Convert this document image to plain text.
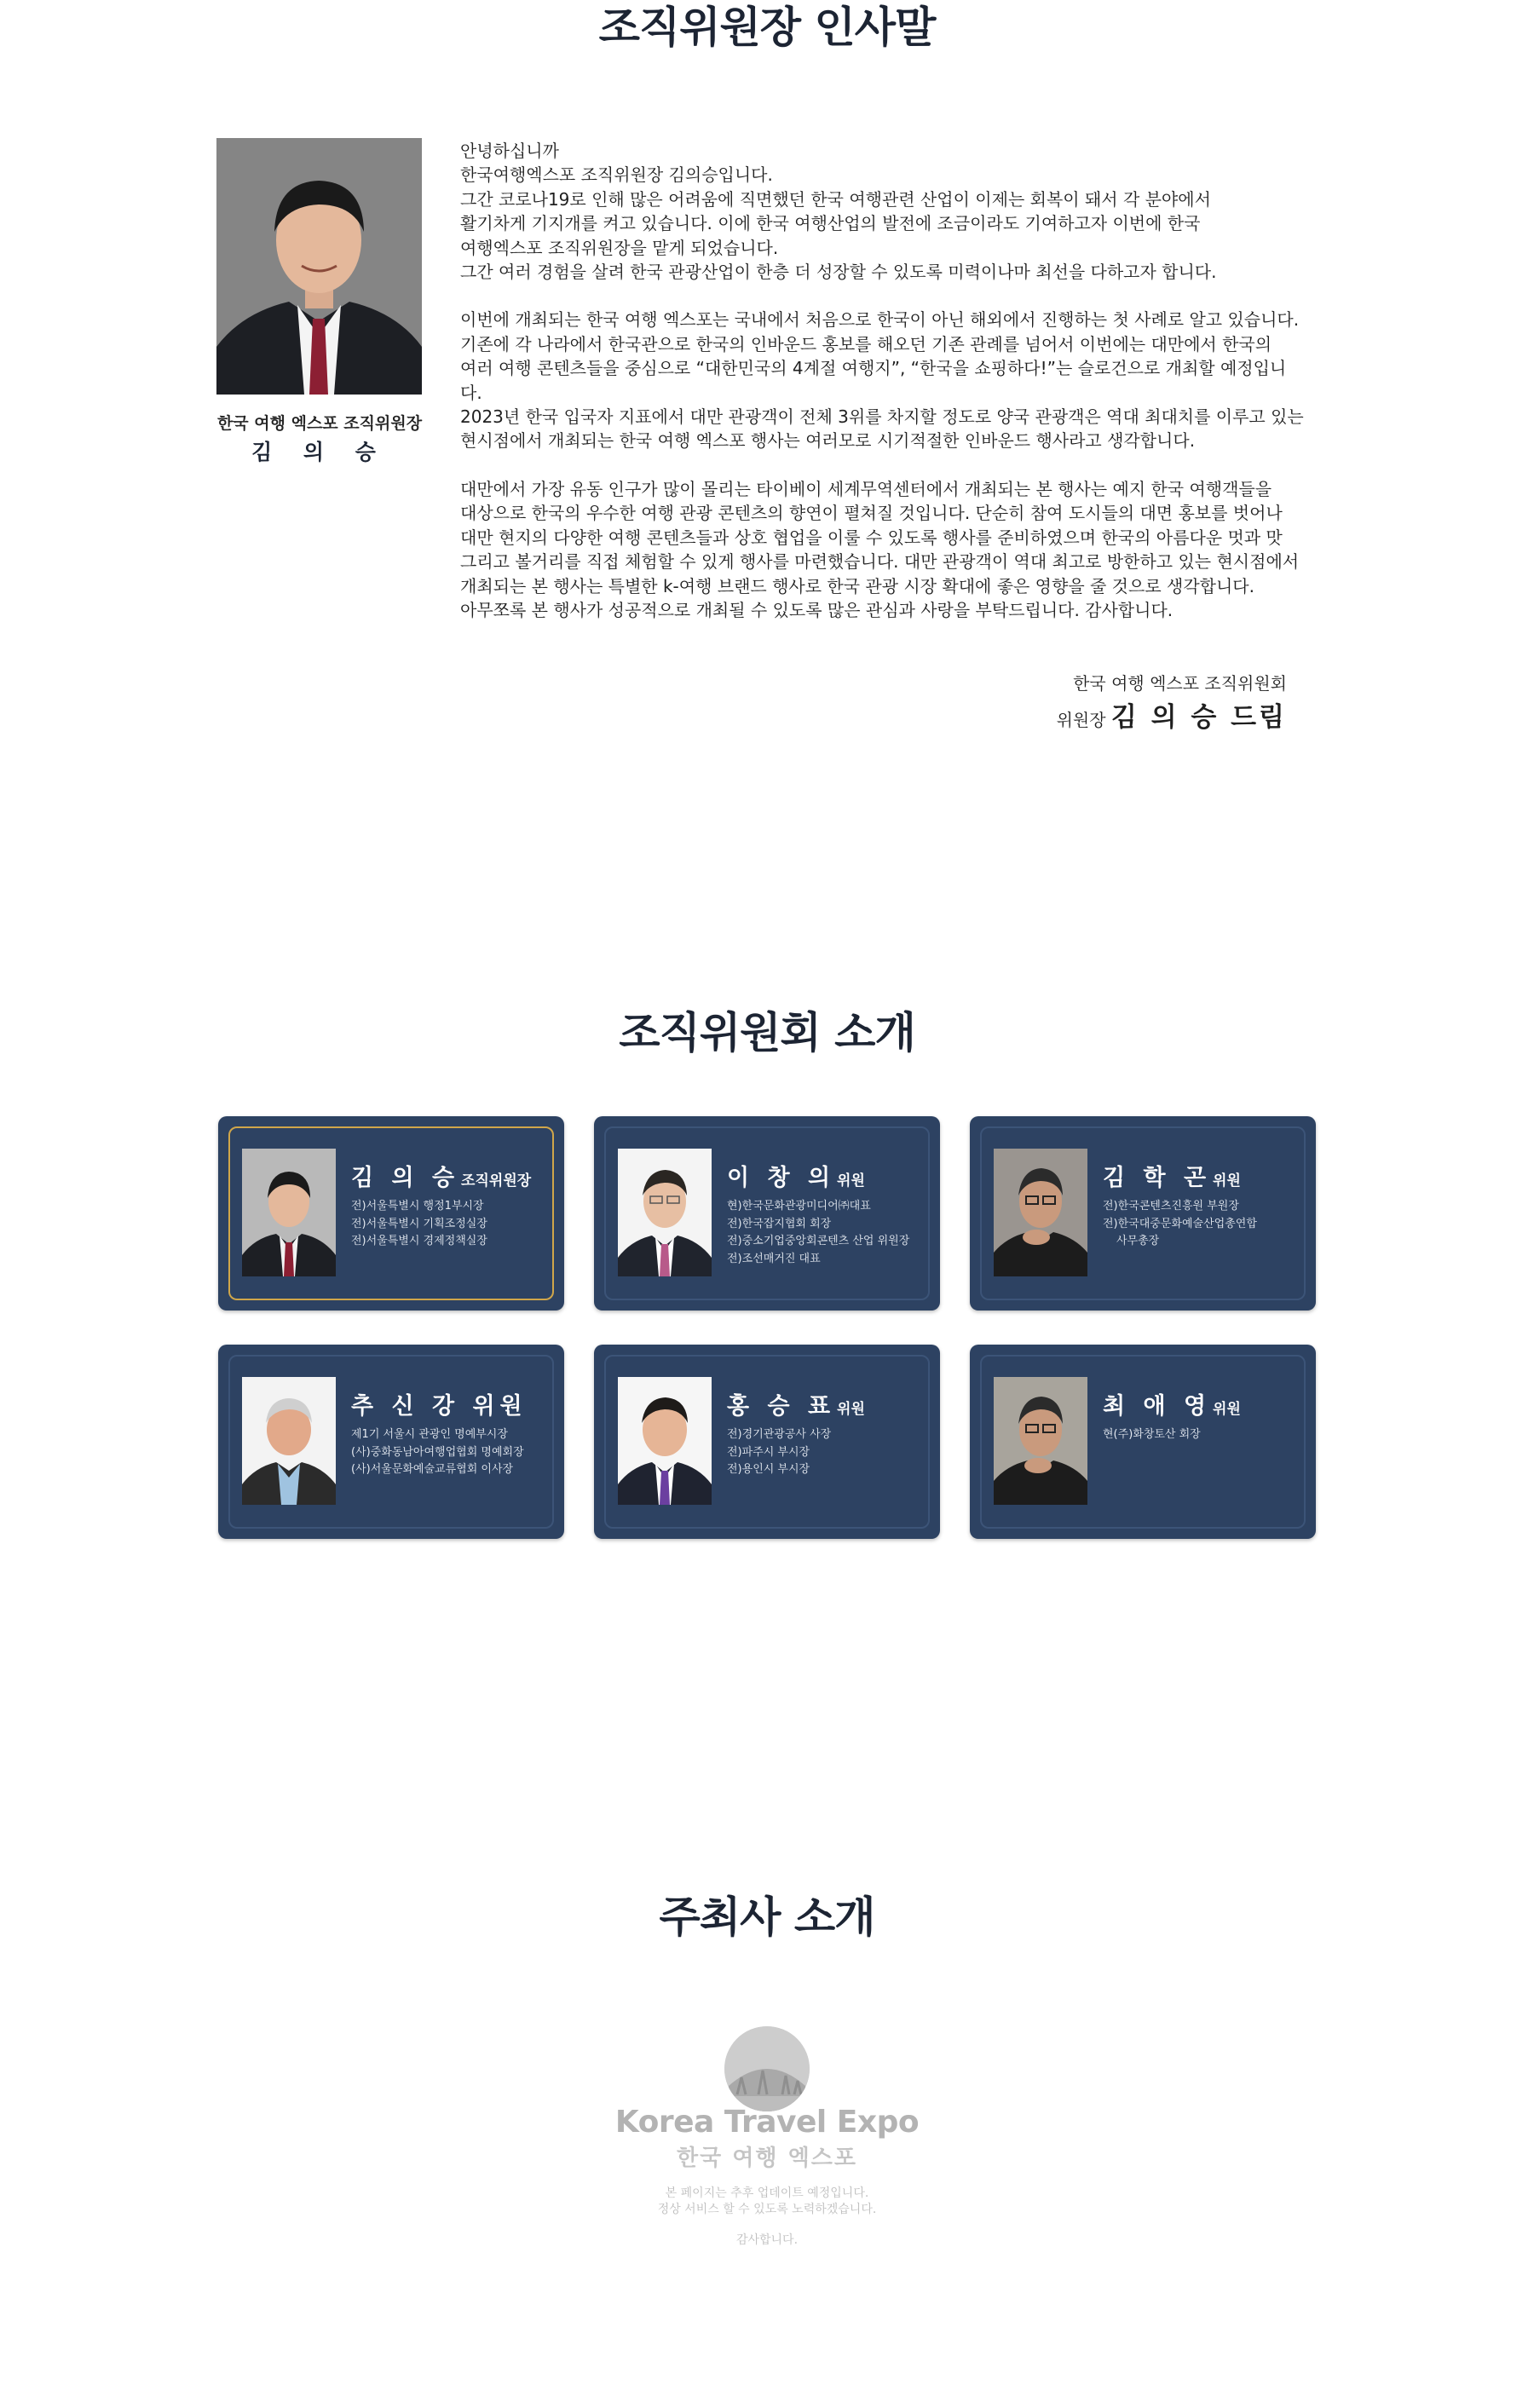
조직위원장 인사말
한국 여행 엑스포 조직위원장
김 의 승

안녕하십니까
한국여행엑스포 조직위원장 김의승입니다.
그간 코로나19로 인해 많은 어려움에 직면했던 한국 여행관련 산업이 이제는 회복이 돼서 각 분야에서
활기차게 기지개를 켜고 있습니다. 이에 한국 여행산업의 발전에 조금이라도 기여하고자 이번에 한국
여행엑스포 조직위원장을 맡게 되었습니다.
그간 여러 경험을 살려 한국 관광산업이 한층 더 성장할 수 있도록 미력이나마 최선을 다하고자 합니다.

이번에 개최되는 한국 여행 엑스포는 국내에서 처음으로 한국이 아닌 해외에서 진행하는 첫 사례로 알고 있습니다.
기존에 각 나라에서 한국관으로 한국의 인바운드 홍보를 해오던 기존 관례를 넘어서 이번에는 대만에서 한국의
여러 여행 콘텐츠들을 중심으로 “대한민국의 4계절 여행지”, “한국을 쇼핑하다!”는 슬로건으로 개최할 예정입니다.
2023년 한국 입국자 지표에서 대만 관광객이 전체 3위를 차지할 정도로 양국 관광객은 역대 최대치를 이루고 있는
현시점에서 개최되는 한국 여행 엑스포 행사는 여러모로 시기적절한 인바운드 행사라고 생각합니다.

대만에서 가장 유동 인구가 많이 몰리는 타이베이 세계무역센터에서 개최되는 본 행사는 예지 한국 여행객들을
대상으로 한국의 우수한 여행 관광 콘텐츠의 향연이 펼쳐질 것입니다. 단순히 참여 도시들의 대면 홍보를 벗어나
대만 현지의 다양한 여행 콘텐츠들과 상호 협업을 이룰 수 있도록 행사를 준비하였으며 한국의 아름다운 멋과 맛
그리고 볼거리를 직접 체험할 수 있게 행사를 마련했습니다. 대만 관광객이 역대 최고로 방한하고 있는 현시점에서
개최되는 본 행사는 특별한 k-여행 브랜드 행사로 한국 관광 시장 확대에 좋은 영향을 줄 것으로 생각합니다.
아무쪼록 본 행사가 성공적으로 개최될 수 있도록 많은 관심과 사랑을 부탁드립니다. 감사합니다.

한국 여행 엑스포 조직위원회
위원장 김 의 승 드림
조직위원회 소개
김 의 승 조직위원장
전)서울특별시 행정1부시장
전)서울특별시 기획조정실장
전)서울특별시 경제정책실장
이 창 의 위원
현)한국문화관광미디어㈜대표
전)한국잡지협회 회장
전)중소기업중앙회콘텐츠 산업 위원장
전)조선매거진 대표
김 학 곤 위원
전)한국콘텐츠진흥원 부원장
전)한국대중문화예술산업총연합
사무총장
추 신 강 위원
제1기 서울시 관광인 명예부시장
(사)중화동남아여행업협회 명예회장
(사)서울문화예술교류협회 이사장
홍 승 표 위원
전)경기관광공사 사장
전)파주시 부시장
전)용인시 부시장
최 애 영 위원
현(주)화창토산 회장
주최사 소개
Korea Travel Expo
한국 여행 엑스포
본 페이지는 추후 업데이트 예정입니다.
정상 서비스 할 수 있도록 노력하겠습니다.
감사합니다.
